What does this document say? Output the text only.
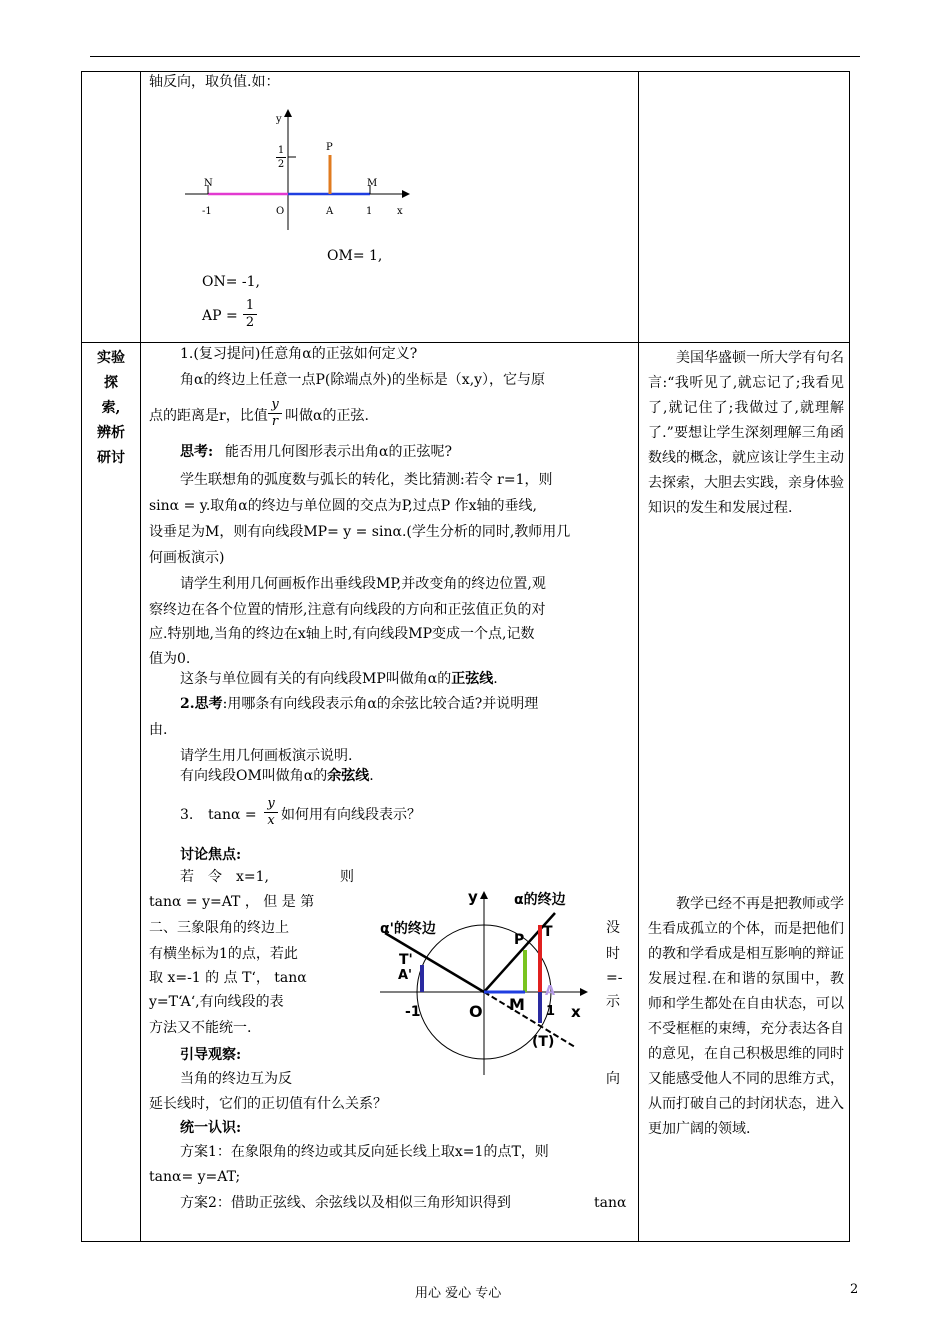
轴反向，取负值.如：
y
x
1
2
P
N	M
-1	O	A	1
OM= 1,
ON= -1,
AP =
1
2
实验
探
索,
辨析
研讨
1.(复习提问)任意角α的正弦如何定义?
角α的终边上任意一点P(除端点外)的坐标是（x,y），它与原
点的距离是r，比值
y
r 叫做α的正弦.
思考: 能否用几何图形表示出角α的正弦呢?
学生联想角的弧度数与弧长的转化，类比猜测:若令 r=1，则
sinα = y.取角α的终边与单位圆的交点为P,过点P 作x轴的垂线,
设垂足为M，则有向线段MP= y = sinα.(学生分析的同时,教师用几
何画板演示)
请学生利用几何画板作出垂线段MP,并改变角的终边位置,观
察终边在各个位置的情形,注意有向线段的方向和正弦值正负的对
应.特别地,当角的终边在x轴上时,有向线段MP变成一个点,记数
值为0.
这条与单位圆有关的有向线段MP叫做角α的正弦线.
2.思考:用哪条有向线段表示角α的余弦比较合适?并说明理
由.
请学生用几何画板演示说明.
有向线段OM叫做角α的余弦线.
3. tanα =
y
x 如何用有向线段表示？
讨论焦点:
若　令　x=1,	则
tanα = y=AT ， 但 是 第
二、三象限角的终边上	没
有横坐标为1的点，若此	时
取 x=-1 的 点 T‘， tanα	=-
y=T‘A‘,有向线段的表	示
方法又不能统一.
引导观察:
当角的终边互为反	向
延长线时，它们的正切值有什么关系？
统一认识:
方案1：在象限角的终边或其反向延长线上取x=1的点T，则
tanα= y=AT;
方案2：借助正弦线、余弦线以及相似三角形知识得到	tanα
y
x
α的终边
α'的终边
P T
T'
A'
-1	O M
A
1
(T)
美国华盛顿一所大学有句名言:“我听见了,就忘记了;我看见了,就记住了;我做过了,就理解了.”要想让学生深刻理解三角函数线的概念，就应该让学生主动去探索，大胆去实践，亲身体验知识的发生和发展过程.
教学已经不再是把教师或学生看成孤立的个体，而是把他们的教和学看成是相互影响的辩证发展过程.在和谐的氛围中，教师和学生都处在自由状态，可以不受框框的束缚，充分表达各自的意见，在自己积极思维的同时又能感受他人不同的思维方式，从而打破自己的封闭状态，进入更加广阔的领域.
用心 爱心 专心	2
